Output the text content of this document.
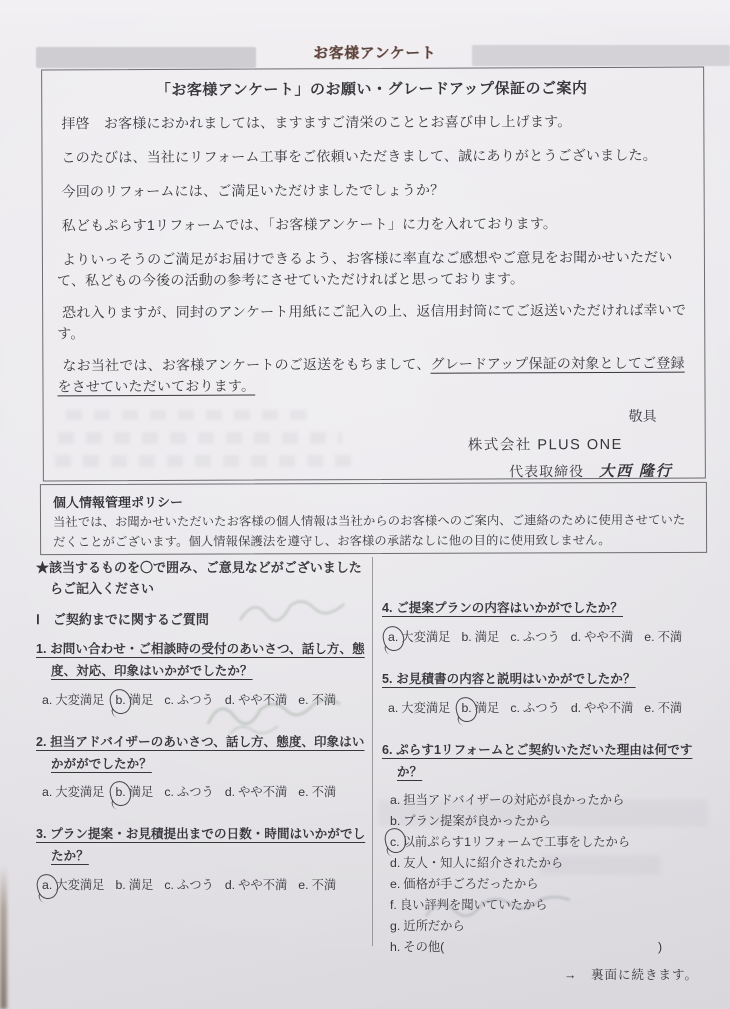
お客様アンケート
「お客様アンケート」のお願い・グレードアップ保証のご案内

拝啓　お客様におかれましては、ますますご清栄のこととお喜び申し上げます。

このたびは、当社にリフォーム工事をご依頼いただきまして、誠にありがとうございました。

今回のリフォームには、ご満足いただけましたでしょうか？

私どもぷらす1リフォームでは、「お客様アンケート」に力を入れております。

よりいっそうのご満足がお届けできるよう、お客様に率直なご感想やご意見をお聞かせいただいて、私どもの今後の活動の参考にさせていただければと思っております。

恐れ入りますが、同封のアンケート用紙にご記入の上、返信用封筒にてご返送いただければ幸いです。

なお当社では、お客様アンケートのご返送をもちまして、グレードアップ保証の対象としてご登録をさせていただいております。

敬具
株式会社 PLUS ONE
代表取締役　 大西 隆行
個人情報管理ポリシー
当社では、お聞かせいただいたお客様の個人情報は当社からのお客様へのご案内、ご連絡のために使用させていただくことがございます。個人情報保護法を遵守し、お客様の承諾なしに他の目的に使用致しません。
★該当するものを〇で囲み、ご意見などがございましたらご記入ください
Ⅰ　ご契約までに関するご質問
1. お問い合わせ・ご相談時の受付のあいさつ、話し方、態度、対応、印象はいかがでしたか？
a. 大変満足 b. 満足 c. ふつう d. やや不満 e. 不満
2. 担当アドバイザーのあいさつ、話し方、態度、印象はいかががでしたか？
a. 大変満足 b. 満足 c. ふつう d. やや不満 e. 不満
3. プラン提案・お見積提出までの日数・時間はいかがでしたか？
a. 大変満足 b. 満足 c. ふつう d. やや不満 e. 不満
4. ご提案プランの内容はいかがでしたか？
a. 大変満足 b. 満足 c. ふつう d. やや不満 e. 不満
5. お見積書の内容と説明はいかがでしたか？
a. 大変満足 b. 満足 c. ふつう d. やや不満 e. 不満
6. ぷらす1リフォームとご契約いただいた理由は何ですか？
a. 担当アドバイザーの対応が良かったから
b. プラン提案が良かったから
c. 以前ぷらす1リフォームで工事をしたから
d. 友人・知人に紹介されたから
e. 価格が手ごろだったから
f. 良い評判を聞いていたから
g. 近所だから
h. その他(	)
→　裏面に続きます。
